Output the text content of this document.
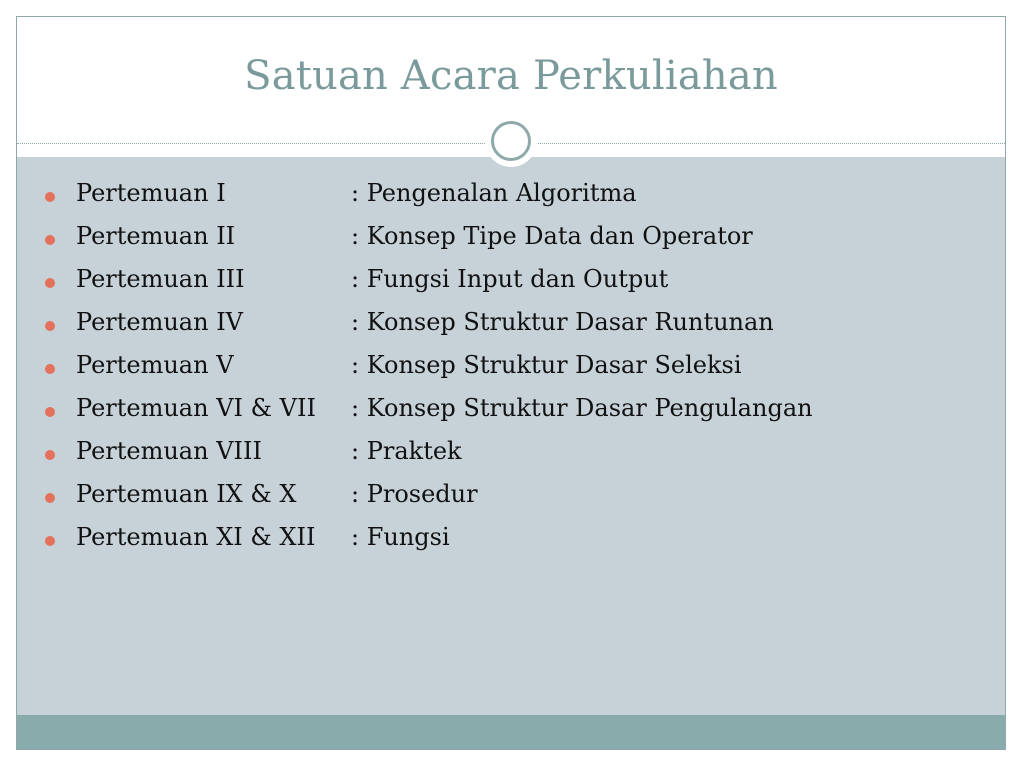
Satuan Acara Perkuliahan
Pertemuan I	: Pengenalan Algoritma
Pertemuan II	: Konsep Tipe Data dan Operator
Pertemuan III	: Fungsi Input dan Output
Pertemuan IV	: Konsep Struktur Dasar Runtunan
Pertemuan V	: Konsep Struktur Dasar Seleksi
Pertemuan VI & VII : Konsep Struktur Dasar Pengulangan
Pertemuan VIII	: Praktek
Pertemuan IX & X : Prosedur
Pertemuan XI & XII : Fungsi
